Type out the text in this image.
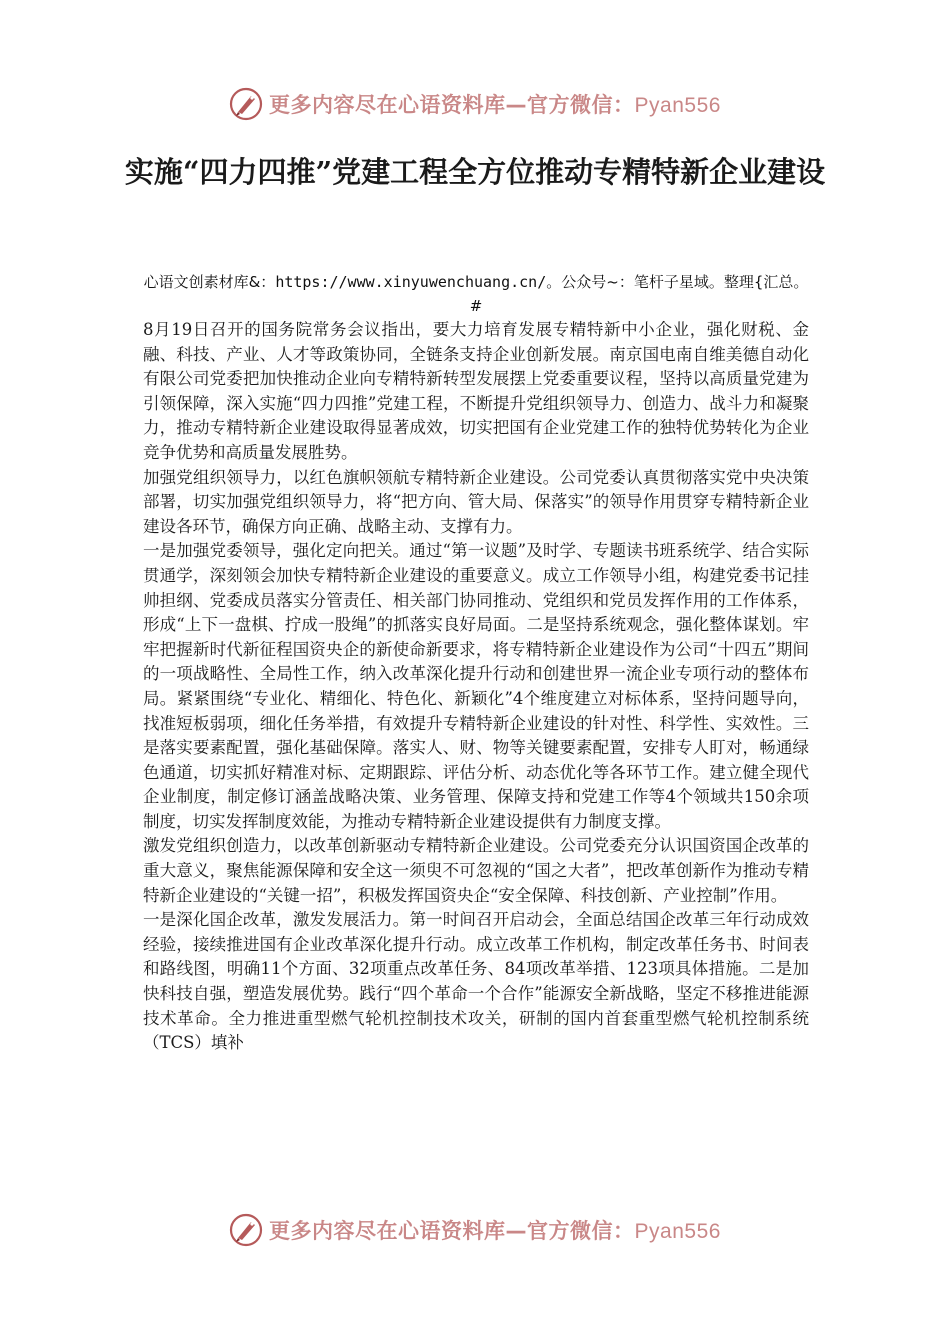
更多内容尽在心语资料库—官方微信：Pyan556
实施“四力四推”党建工程全方位推动专精特新企业建设
心语文创素材库&：https://www.xinyuwenchuang.cn/。公众号~：笔杆子星域。整理{汇总。#

8月19日召开的国务院常务会议指出，要大力培育发展专精特新中小企业，强化财税、金融、科技、产业、人才等政策协同，全链条支持企业创新发展。南京国电南自维美德自动化有限公司党委把加快推动企业向专精特新转型发展摆上党委重要议程，坚持以高质量党建为引领保障，深入实施“四力四推”党建工程，不断提升党组织领导力、创造力、战斗力和凝聚力，推动专精特新企业建设取得显著成效，切实把国有企业党建工作的独特优势转化为企业竞争优势和高质量发展胜势。

加强党组织领导力，以红色旗帜领航专精特新企业建设。公司党委认真贯彻落实党中央决策部署，切实加强党组织领导力，将“把方向、管大局、保落实”的领导作用贯穿专精特新企业建设各环节，确保方向正确、战略主动、支撑有力。

一是加强党委领导，强化定向把关。通过“第一议题”及时学、专题读书班系统学、结合实际贯通学，深刻领会加快专精特新企业建设的重要意义。成立工作领导小组，构建党委书记挂帅担纲、党委成员落实分管责任、相关部门协同推动、党组织和党员发挥作用的工作体系，形成“上下一盘棋、拧成一股绳”的抓落实良好局面。二是坚持系统观念，强化整体谋划。牢牢把握新时代新征程国资央企的新使命新要求，将专精特新企业建设作为公司“十四五”期间的一项战略性、全局性工作，纳入改革深化提升行动和创建世界一流企业专项行动的整体布局。紧紧围绕“专业化、精细化、特色化、新颖化”4个维度建立对标体系，坚持问题导向，找准短板弱项，细化任务举措，有效提升专精特新企业建设的针对性、科学性、实效性。三是落实要素配置，强化基础保障。落实人、财、物等关键要素配置，安排专人盯对，畅通绿色通道，切实抓好精准对标、定期跟踪、评估分析、动态优化等各环节工作。建立健全现代企业制度，制定修订涵盖战略决策、业务管理、保障支持和党建工作等4个领域共150余项制度，切实发挥制度效能，为推动专精特新企业建设提供有力制度支撑。

激发党组织创造力，以改革创新驱动专精特新企业建设。公司党委充分认识国资国企改革的重大意义，聚焦能源保障和安全这一须臾不可忽视的“国之大者”，把改革创新作为推动专精特新企业建设的“关键一招”，积极发挥国资央企“安全保障、科技创新、产业控制”作用。

一是深化国企改革，激发发展活力。第一时间召开启动会，全面总结国企改革三年行动成效经验，接续推进国有企业改革深化提升行动。成立改革工作机构，制定改革任务书、时间表和路线图，明确11个方面、32项重点改革任务、84项改革举措、123项具体措施。二是加快科技自强，塑造发展优势。践行“四个革命一个合作”能源安全新战略，坚定不移推进能源技术革命。全力推进重型燃气轮机控制技术攻关，研制的国内首套重型燃气轮机控制系统（TCS）填补

更多内容尽在心语资料库—官方微信：Pyan556
